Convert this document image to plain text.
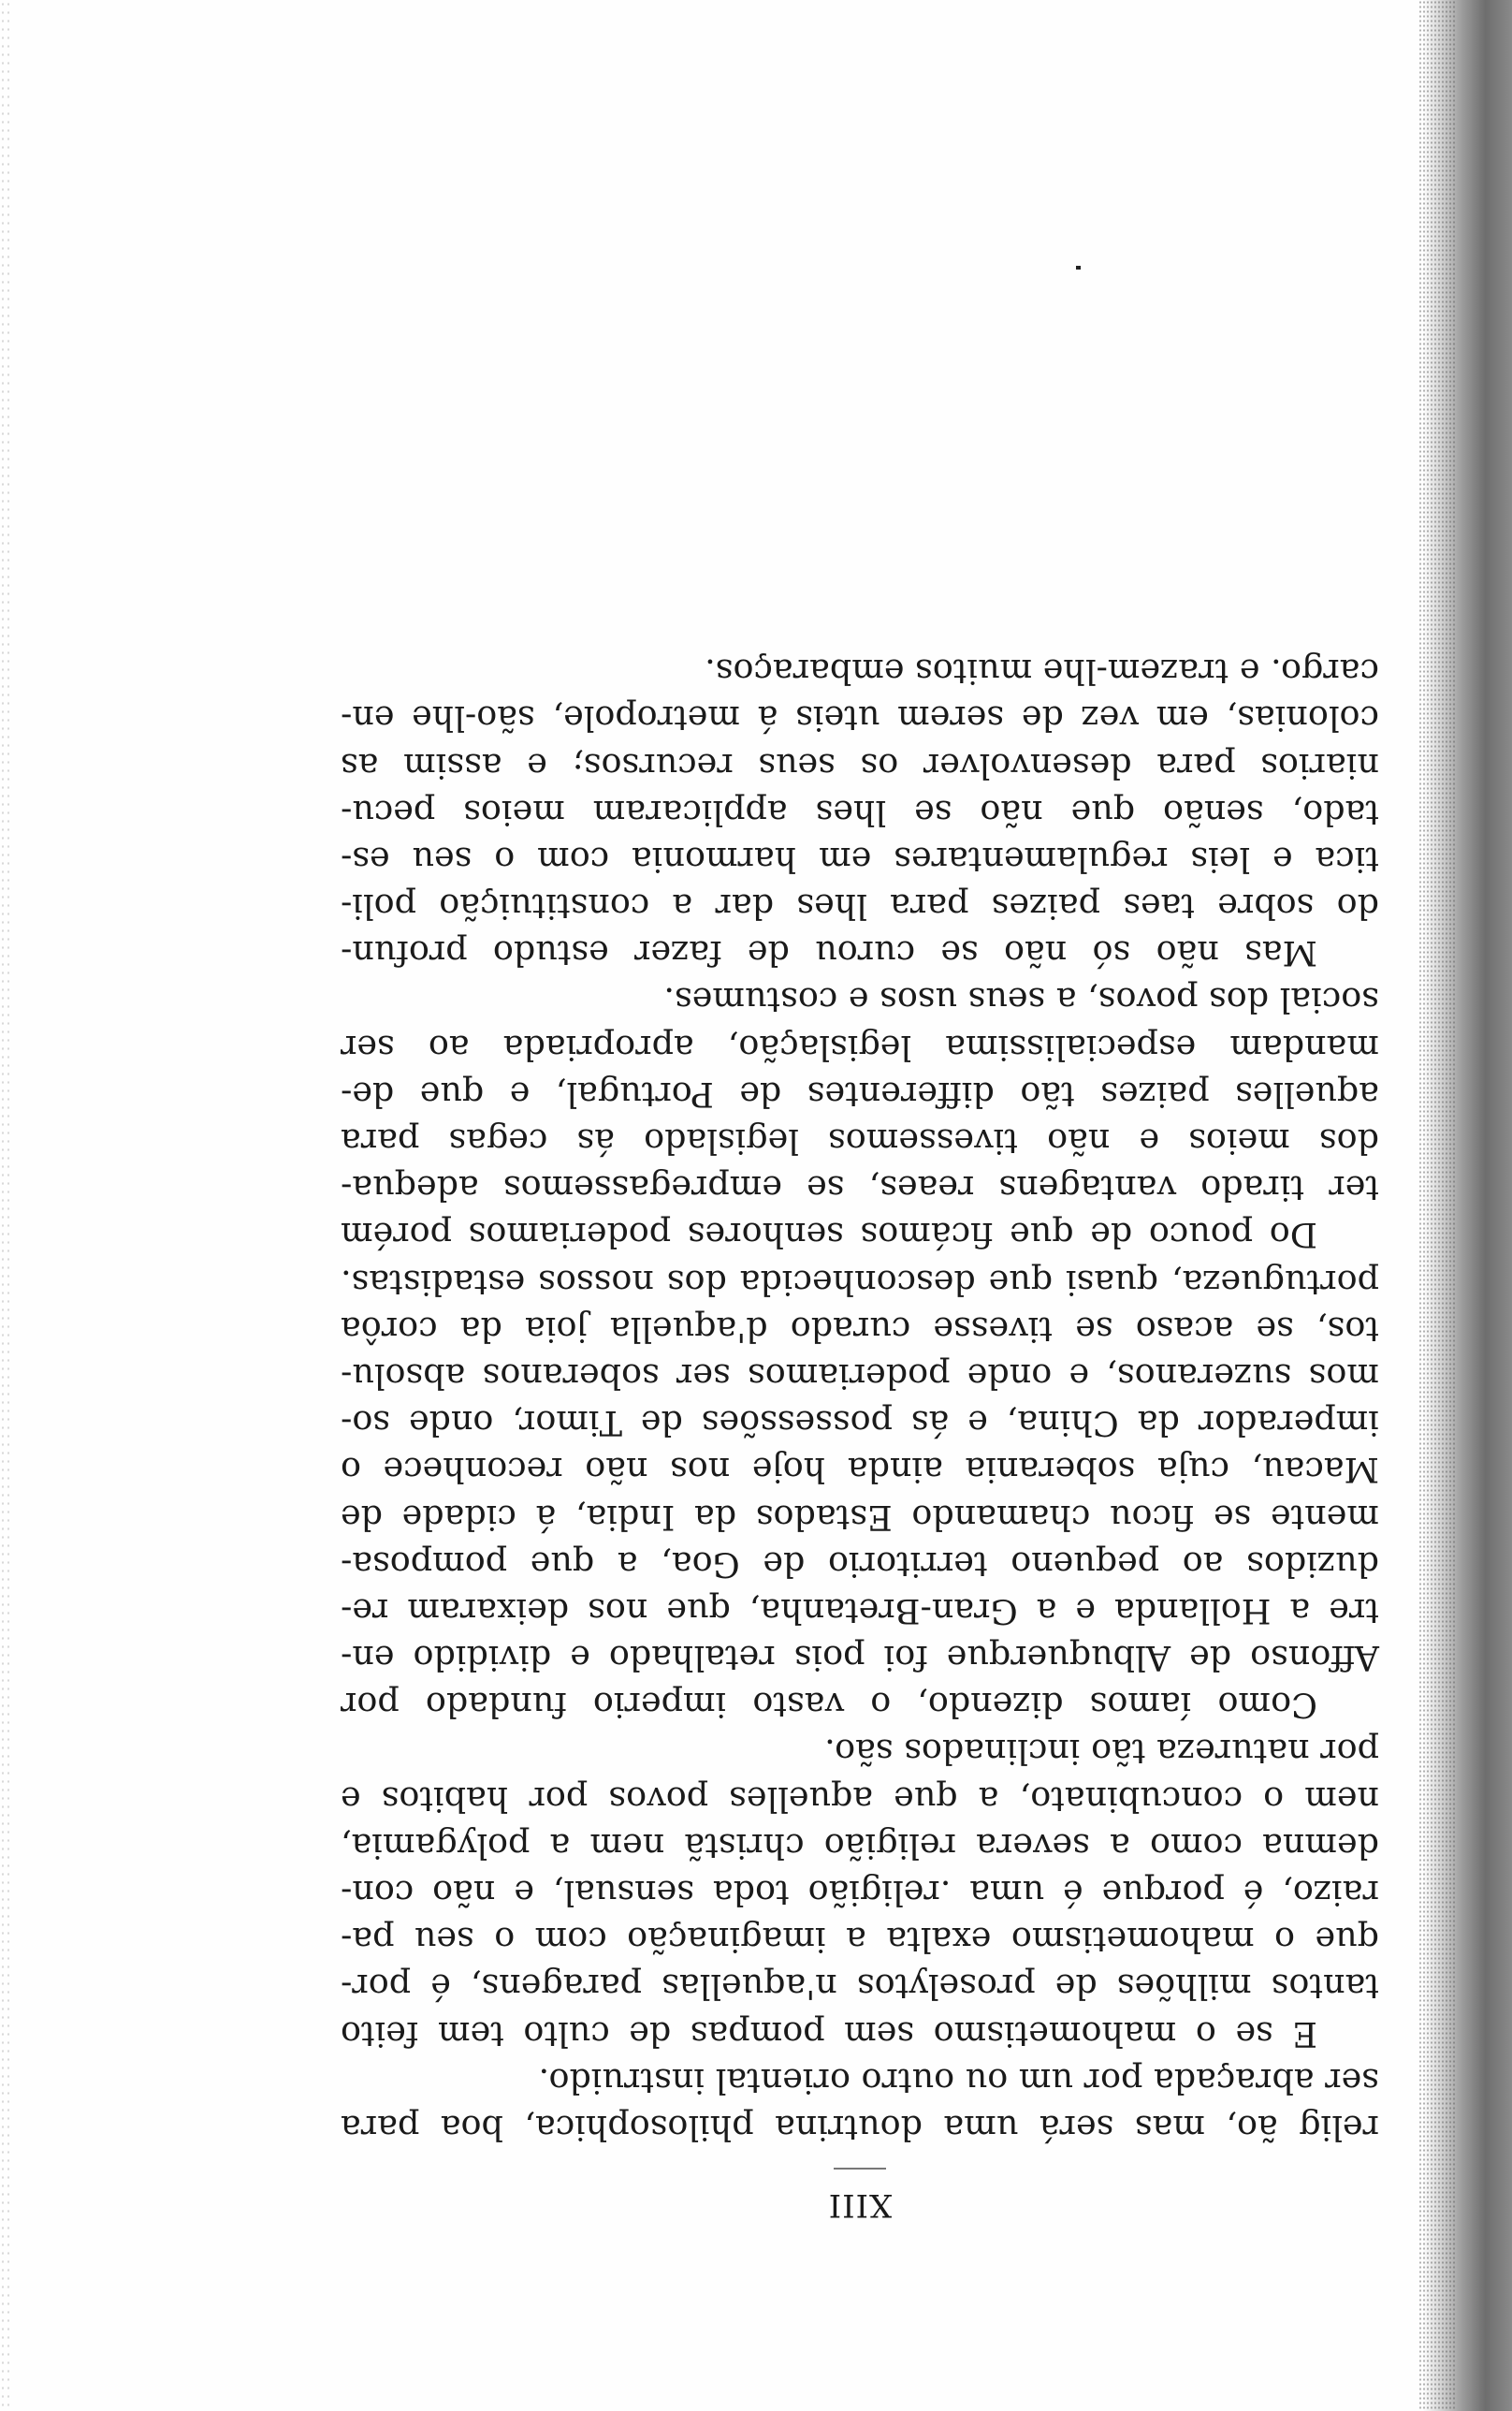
XIII
relig ão, mas será uma doutrina philosophica, boa para
ser abraçada por um ou outro oriental instruido.
E se o mahometismo sem pompas de culto tem feito
tantos milhões de proselytos n'aquellas paragens, é por-
que o mahometismo exalta a imaginação com o seu pa-
raizo, é porque é uma .religião toda sensual, e não con-
demna como a severa religião christã nem a polygamia,
nem o concubinato, a que aquelles povos por habitos e
por natureza tão inclinados são.
Como íamos dizendo, o vasto imperio fundado por
Affonso de Albuquerque foi pois retalhado e dividido en-
tre a Hollanda e a Gran-Bretanha, que nos deixaram re-
duzidos ao pequeno territorio de Goa, a que pomposa-
mente se ficou chamando Estados da India, á cidade de
Macau, cuja soberania ainda hoje nos não reconhece o
imperador da China, e ás possessões de Timor, onde so-
mos suzeranos, e onde poderiamos ser soberanos absolu-
tos, se acaso se tivesse curado d'aquella joia da corôa
portugueza, quasi que desconhecida dos nossos estadistas.
Do pouco de que ficámos senhores poderiamos porém
ter tirado vantagens reaes, se empregassemos adequa-
dos meios e não tivessemos legislado ás cegas para
aquelles paizes tão differentes de Portugal, e que de-
mandam especialissima legislação, apropriada ao ser
social dos povos, a seus usos e costumes.
Mas não só não se curou de fazer estudo profun-
do sobre taes paizes para lhes dar a constituição poli-
tica e leis regulamentares em harmonia com o seu es-
tado, senão que não se lhes applicaram meios pecu-
niarios para desenvolver os seus recursos; e assim as
colonias, em vez de serem uteis á metropole, são-lhe en-
cargo. e trazem-lhe muitos embaraços.
